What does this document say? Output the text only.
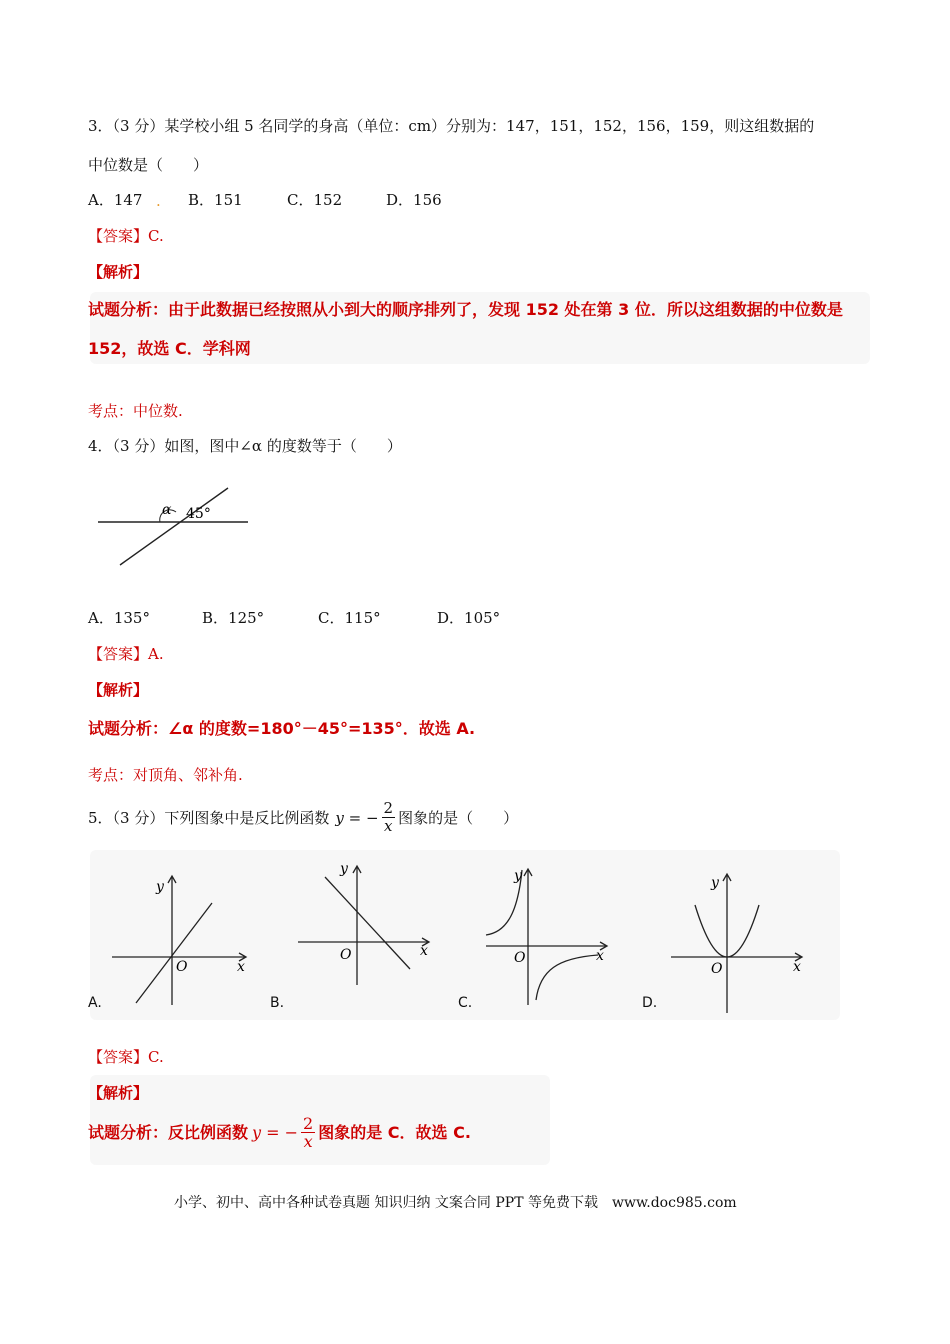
3．（3 分）某学校小组 5 名同学的身高（单位：cm）分别为：147，151，152，156，159，则这组数据的
中位数是（　　）
A．147 . B．151	C．152	D．156
【答案】C.
【解析】
试题分析：由于此数据已经按照从小到大的顺序排列了，发现 152 处在第 3 位．所以这组数据的中位数是
152，故选 C．学科网
考点：中位数.
4．（3 分）如图，图中∠α 的度数等于（　　）
α 45°
A．135°	B．125°	C．115°	D．105°
【答案】A.
【解析】
试题分析：∠α 的度数=180°－45°=135°．故选 A.
考点：对顶角、邻补角.
5．（3 分）下列图象中是反比例函数 y = − $\frac{2}{x}$ 图象的是（　　）
y
x
O
A.
y
x
O
B.
y
x
O
C.
y
x
O
D.
【答案】C.
【解析】
试题分析：反比例函数 y = − $\frac{2}{x}$ 图象的是 C．故选 C.
小学、初中、高中各种试卷真题 知识归纳 文案合同 PPT 等免费下载　www.doc985.com
